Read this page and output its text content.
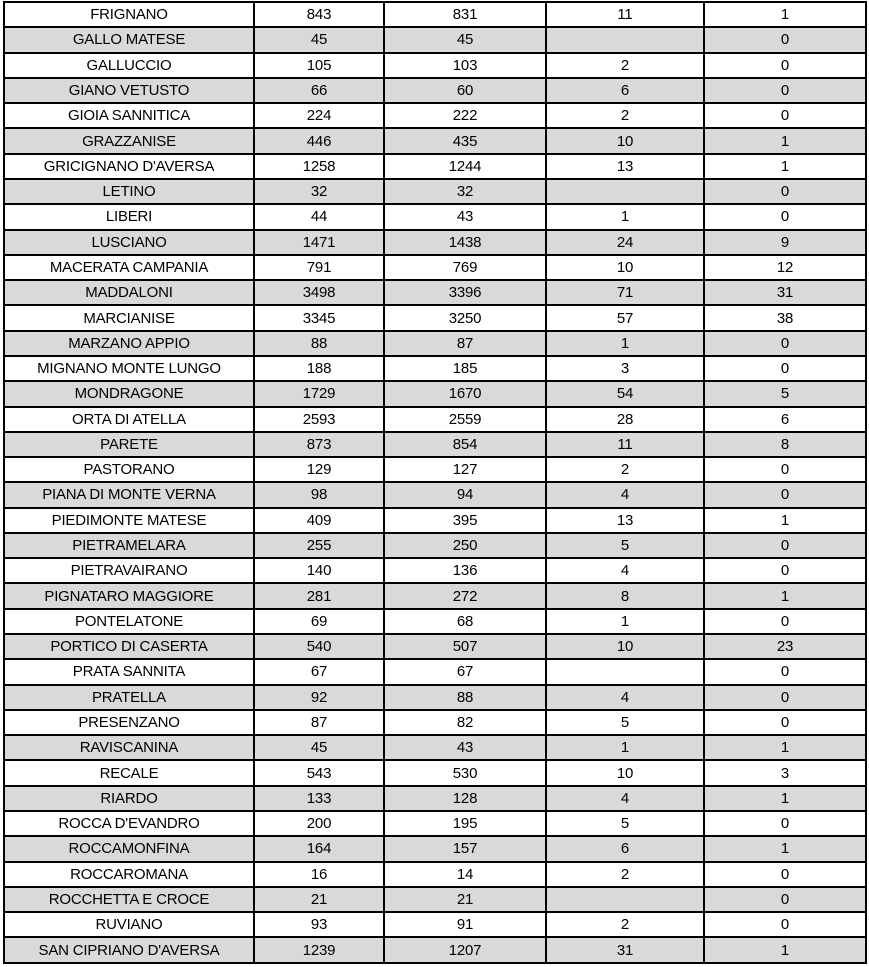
FRIGNANO	843	831	11	1
GALLO MATESE	45	45		0
GALLUCCIO	105	103	2	0
GIANO VETUSTO	66	60	6	0
GIOIA SANNITICA	224	222	2	0
GRAZZANISE	446	435	10	1
GRICIGNANO D'AVERSA	1258	1244	13	1
LETINO	32	32		0
LIBERI	44	43	1	0
LUSCIANO	1471	1438	24	9
MACERATA CAMPANIA	791	769	10	12
MADDALONI	3498	3396	71	31
MARCIANISE	3345	3250	57	38
MARZANO APPIO	88	87	1	0
MIGNANO MONTE LUNGO	188	185	3	0
MONDRAGONE	1729	1670	54	5
ORTA DI ATELLA	2593	2559	28	6
PARETE	873	854	11	8
PASTORANO	129	127	2	0
PIANA DI MONTE VERNA	98	94	4	0
PIEDIMONTE MATESE	409	395	13	1
PIETRAMELARA	255	250	5	0
PIETRAVAIRANO	140	136	4	0
PIGNATARO MAGGIORE	281	272	8	1
PONTELATONE	69	68	1	0
PORTICO DI CASERTA	540	507	10	23
PRATA SANNITA	67	67		0
PRATELLA	92	88	4	0
PRESENZANO	87	82	5	0
RAVISCANINA	45	43	1	1
RECALE	543	530	10	3
RIARDO	133	128	4	1
ROCCA D'EVANDRO	200	195	5	0
ROCCAMONFINA	164	157	6	1
ROCCAROMANA	16	14	2	0
ROCCHETTA E CROCE	21	21		0
RUVIANO	93	91	2	0
SAN CIPRIANO D'AVERSA	1239	1207	31	1
